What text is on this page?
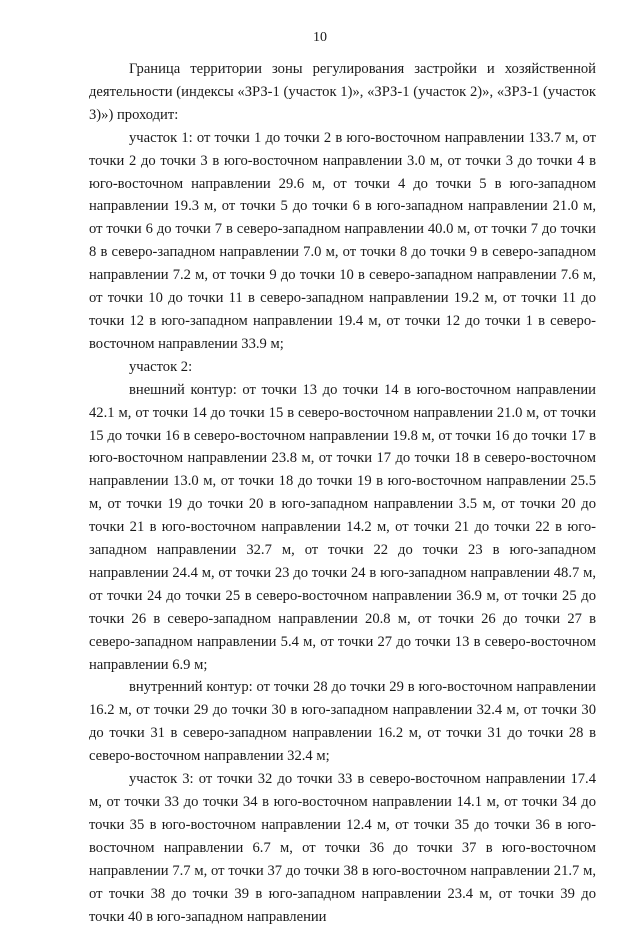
10

Граница территории зоны регулирования застройки и хозяйственной деятельности (индексы «ЗРЗ-1 (участок 1)», «ЗРЗ-1 (участок 2)», «ЗРЗ-1 (участок 3)») проходит:

участок 1: от точки 1 до точки 2 в юго-восточном направлении 133.7 м, от точки 2 до точки 3 в юго-восточном направлении 3.0 м, от точки 3 до точки 4 в юго-восточном направлении 29.6 м, от точки 4 до точки 5 в юго-западном направлении 19.3 м, от точки 5 до точки 6 в юго-западном направлении 21.0 м, от точки 6 до точки 7 в северо-западном направлении 40.0 м, от точки 7 до точки 8 в северо-западном направлении 7.0 м, от точки 8 до точки 9 в северо-западном направлении 7.2 м, от точки 9 до точки 10 в северо-западном направлении 7.6 м, от точки 10 до точки 11 в северо-западном направлении 19.2 м, от точки 11 до точки 12 в юго-западном направлении 19.4 м, от точки 12 до точки 1 в северо-восточном направлении 33.9 м;

участок 2:

внешний контур: от точки 13 до точки 14 в юго-восточном направлении 42.1 м, от точки 14 до точки 15 в северо-восточном направлении 21.0 м, от точки 15 до точки 16 в северо-восточном направлении 19.8 м, от точки 16 до точки 17 в юго-восточном направлении 23.8 м, от точки 17 до точки 18 в северо-восточном направлении 13.0 м, от точки 18 до точки 19 в юго-восточном направлении 25.5 м, от точки 19 до точки 20 в юго-западном направлении 3.5 м, от точки 20 до точки 21 в юго-восточном направлении 14.2 м, от точки 21 до точки 22 в юго-западном направлении 32.7 м, от точки 22 до точки 23 в юго-западном направлении 24.4 м, от точки 23 до точки 24 в юго-западном направлении 48.7 м, от точки 24 до точки 25 в северо-восточном направлении 36.9 м, от точки 25 до точки 26 в северо-западном направлении 20.8 м, от точки 26 до точки 27 в северо-западном направлении 5.4 м, от точки 27 до точки 13 в северо-восточном направлении 6.9 м;

внутренний контур: от точки 28 до точки 29 в юго-восточном направлении 16.2 м, от точки 29 до точки 30 в юго-западном направлении 32.4 м, от точки 30 до точки 31 в северо-западном направлении 16.2 м, от точки 31 до точки 28 в северо-восточном направлении 32.4 м;

участок 3: от точки 32 до точки 33 в северо-восточном направлении 17.4 м, от точки 33 до точки 34 в юго-восточном направлении 14.1 м, от точки 34 до точки 35 в юго-восточном направлении 12.4 м, от точки 35 до точки 36 в юго-восточном направлении 6.7 м, от точки 36 до точки 37 в юго-восточном направлении 7.7 м, от точки 37 до точки 38 в юго-восточном направлении 21.7 м, от точки 38 до точки 39 в юго-западном направлении 23.4 м, от точки 39 до точки 40 в юго-западном направлении
